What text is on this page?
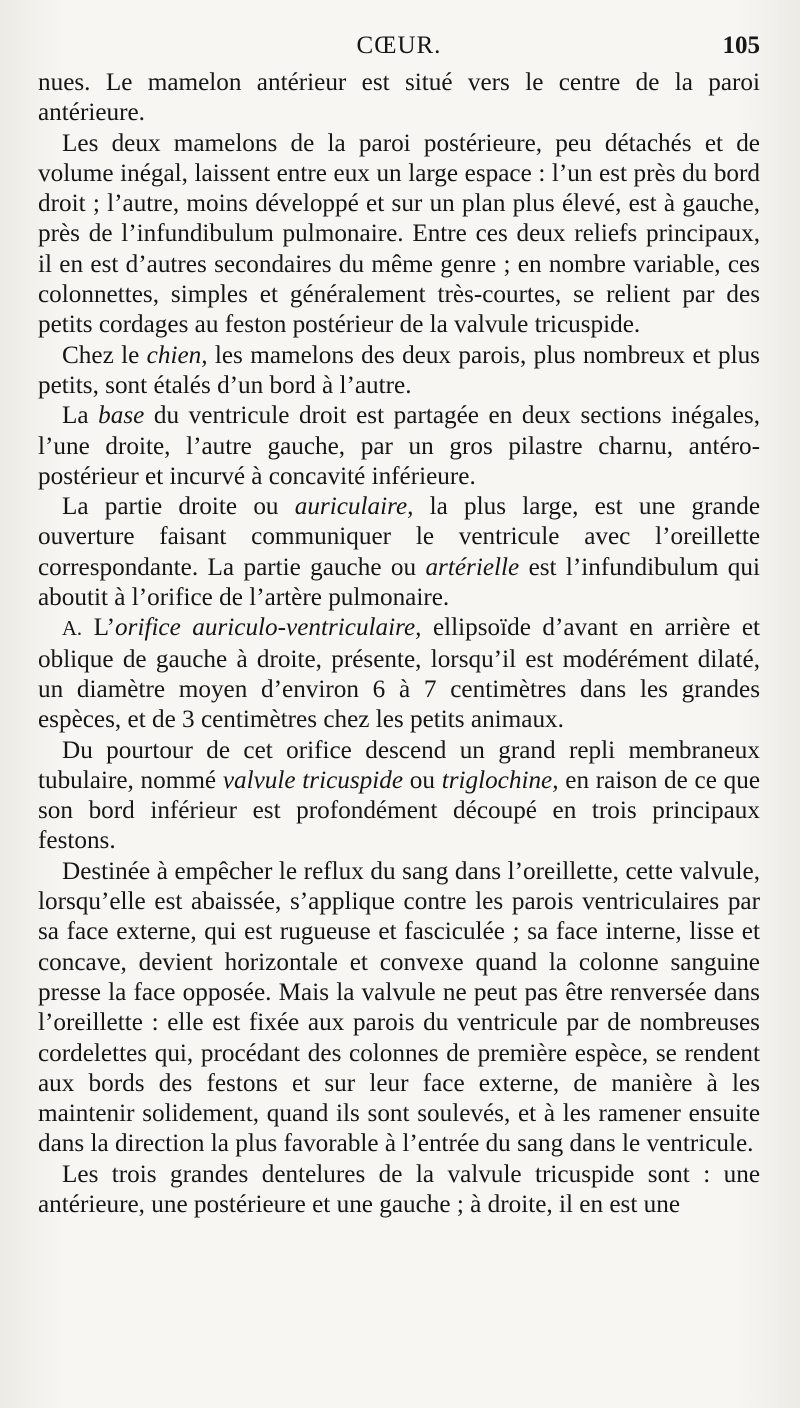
CŒUR.	105

nues. Le mamelon antérieur est situé vers le centre de la paroi antérieure.

Les deux mamelons de la paroi postérieure, peu détachés et de volume inégal, laissent entre eux un large espace : l’un est près du bord droit ; l’autre, moins développé et sur un plan plus élevé, est à gauche, près de l’infundibulum pulmonaire. Entre ces deux reliefs principaux, il en est d’autres secondaires du même genre ; en nombre variable, ces colonnettes, simples et généralement très-courtes, se relient par des petits cordages au feston postérieur de la valvule tricuspide.

Chez le chien, les mamelons des deux parois, plus nombreux et plus petits, sont étalés d’un bord à l’autre.

La base du ventricule droit est partagée en deux sections inégales, l’une droite, l’autre gauche, par un gros pilastre charnu, antéro-postérieur et incurvé à concavité inférieure.

La partie droite ou auriculaire, la plus large, est une grande ouverture faisant communiquer le ventricule avec l’oreillette correspondante. La partie gauche ou artérielle est l’infundibulum qui aboutit à l’orifice de l’artère pulmonaire.

A. L’orifice auriculo-ventriculaire, ellipsoïde d’avant en arrière et oblique de gauche à droite, présente, lorsqu’il est modérément dilaté, un diamètre moyen d’environ 6 à 7 centimètres dans les grandes espèces, et de 3 centimètres chez les petits animaux.

Du pourtour de cet orifice descend un grand repli membraneux tubulaire, nommé valvule tricuspide ou triglochine, en raison de ce que son bord inférieur est profondément découpé en trois principaux festons.

Destinée à empêcher le reflux du sang dans l’oreillette, cette valvule, lorsqu’elle est abaissée, s’applique contre les parois ventriculaires par sa face externe, qui est rugueuse et fasciculée ; sa face interne, lisse et concave, devient horizontale et convexe quand la colonne sanguine presse la face opposée. Mais la valvule ne peut pas être renversée dans l’oreillette : elle est fixée aux parois du ventricule par de nombreuses cordelettes qui, procédant des colonnes de première espèce, se rendent aux bords des festons et sur leur face externe, de manière à les maintenir solidement, quand ils sont soulevés, et à les ramener ensuite dans la direction la plus favorable à l’entrée du sang dans le ventricule.

Les trois grandes dentelures de la valvule tricuspide sont : une antérieure, une postérieure et une gauche ; à droite, il en est une
